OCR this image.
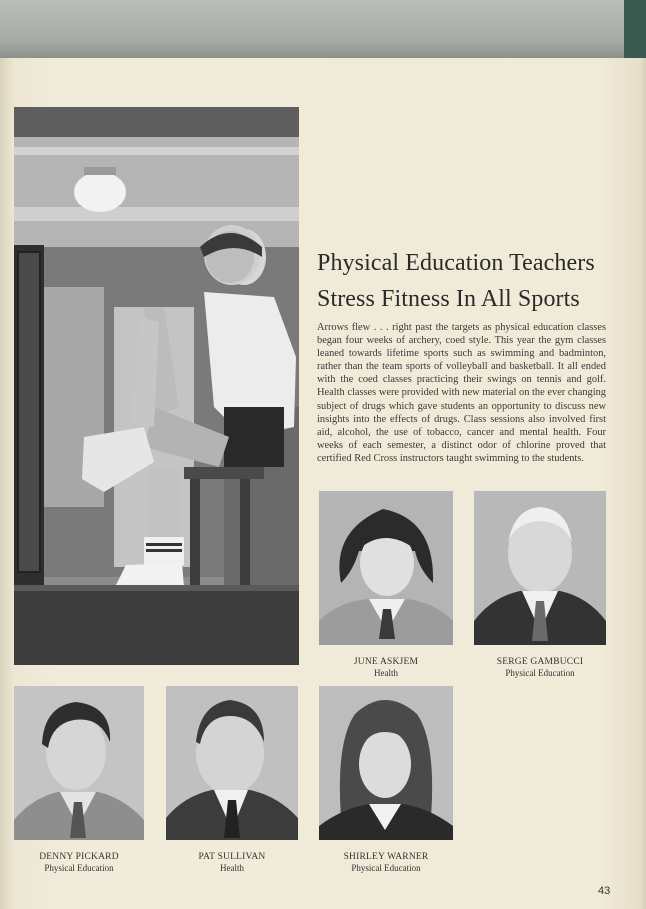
Physical Education Teachers
Stress Fitness In All Sports

Arrows flew . . . right past the targets as physical education classes began four weeks of archery, coed style. This year the gym classes leaned towards lifetime sports such as swimming and badminton, rather than the team sports of volleyball and basketball. It all ended with the coed classes practicing their swings on tennis and golf. Health classes were provided with new material on the ever changing subject of drugs which gave students an opportunity to discuss new insights into the effects of drugs. Class sessions also involved first aid, alcohol, the use of tobacco, cancer and mental health. Four weeks of each semester, a distinct odor of chlorine proved that certified Red Cross instructors taught swimming to the students.

JUNE ASKJEM
Health
SERGE GAMBUCCI
Physical Education
DENNY PICKARD
Physical Education
PAT SULLIVAN
Health
SHIRLEY WARNER
Physical Education
43
